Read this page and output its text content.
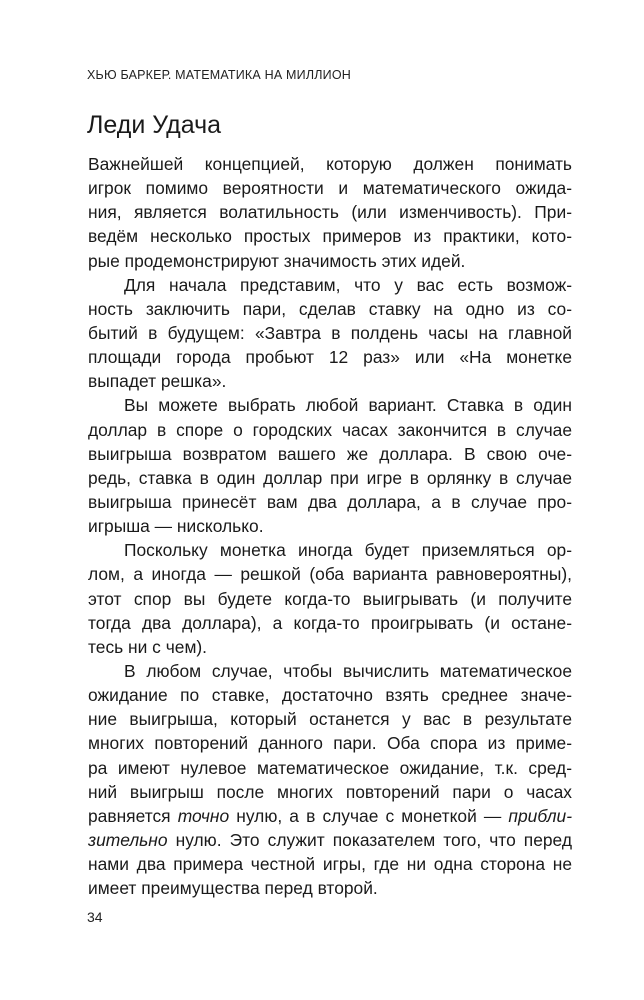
ХЬЮ БАРКЕР. МАТЕМАТИКА НА МИЛЛИОН
Леди Удача
Важнейшей концепцией, которую должен понимать
игрок помимо вероятности и математического ожида-
ния, является волатильность (или изменчивость). При-
ведём несколько простых примеров из практики, кото-
рые продемонстрируют значимость этих идей.
Для начала представим, что у вас есть возмож-
ность заключить пари, сделав ставку на одно из со-
бытий в будущем: «Завтра в полдень часы на главной
площади города пробьют 12 раз» или «На монетке
выпадет решка».
Вы можете выбрать любой вариант. Ставка в один
доллар в споре о городских часах закончится в случае
выигрыша возвратом вашего же доллара. В свою оче-
редь, ставка в один доллар при игре в орлянку в случае
выигрыша принесёт вам два доллара, а в случае про-
игрыша — нисколько.
Поскольку монетка иногда будет приземляться ор-
лом, а иногда — решкой (оба варианта равновероятны),
этот спор вы будете когда-то выигрывать (и получите
тогда два доллара), а когда-то проигрывать (и остане-
тесь ни с чем).
В любом случае, чтобы вычислить математическое
ожидание по ставке, достаточно взять среднее значе-
ние выигрыша, который останется у вас в результате
многих повторений данного пари. Оба спора из приме-
ра имеют нулевое математическое ожидание, т.к. сред-
ний выигрыш после многих повторений пари о часах
равняется точно нулю, а в случае с монеткой — прибли-
зительно нулю. Это служит показателем того, что перед
нами два примера честной игры, где ни одна сторона не
имеет преимущества перед второй.
34
